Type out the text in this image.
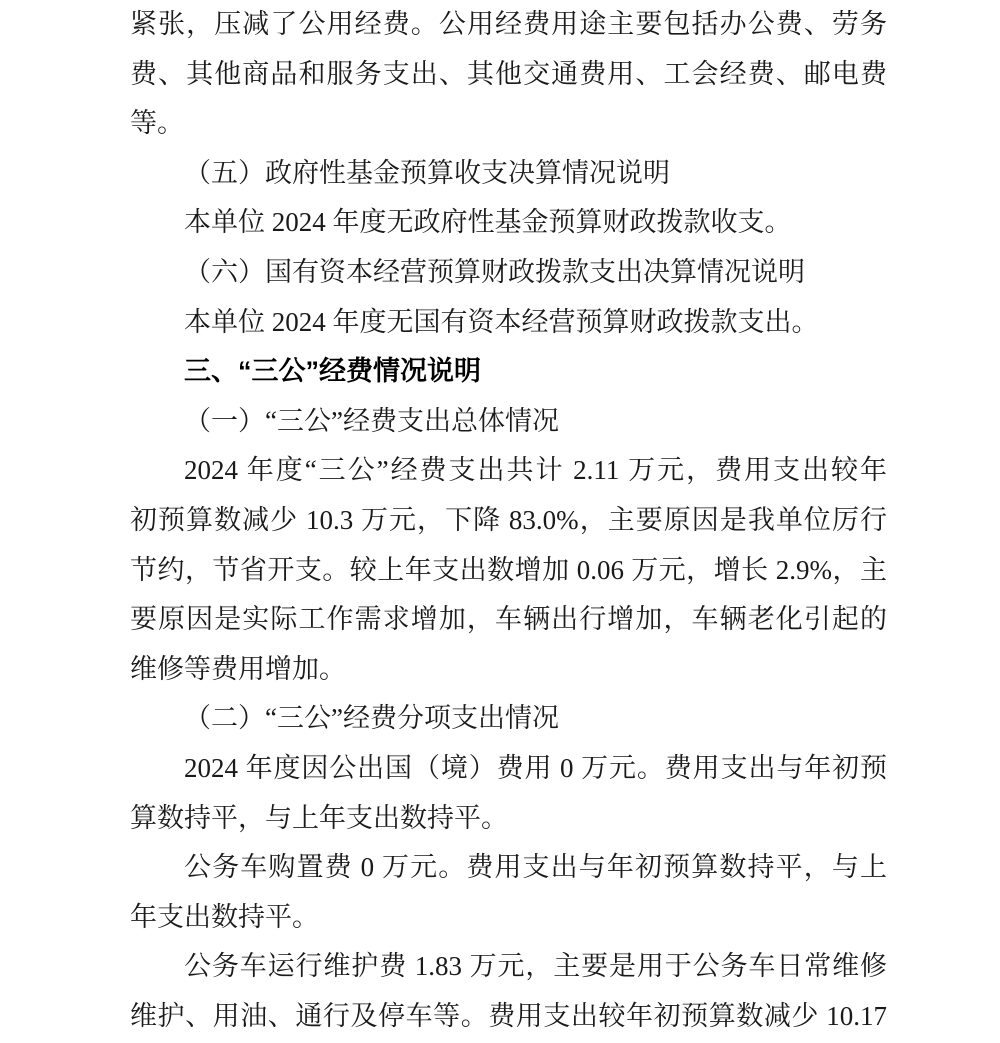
紧张，压减了公用经费。公用经费用途主要包括办公费、劳务
费、其他商品和服务支出、其他交通费用、工会经费、邮电费
等。
（五）政府性基金预算收支决算情况说明
本单位 2024 年度无政府性基金预算财政拨款收支。
（六）国有资本经营预算财政拨款支出决算情况说明
本单位 2024 年度无国有资本经营预算财政拨款支出。
三、“三公”经费情况说明
（一）“三公”经费支出总体情况
2024 年度“三公”经费支出共计 2.11 万元，费用支出较年
初预算数减少 10.3 万元，下降 83.0%，主要原因是我单位厉行
节约，节省开支。较上年支出数增加 0.06 万元，增长 2.9%，主
要原因是实际工作需求增加，车辆出行增加，车辆老化引起的
维修等费用增加。
（二）“三公”经费分项支出情况
2024 年度因公出国（境）费用 0 万元。费用支出与年初预
算数持平，与上年支出数持平。
公务车购置费 0 万元。费用支出与年初预算数持平，与上
年支出数持平。
公务车运行维护费 1.83 万元，主要是用于公务车日常维修
维护、用油、通行及停车等。费用支出较年初预算数减少 10.17
